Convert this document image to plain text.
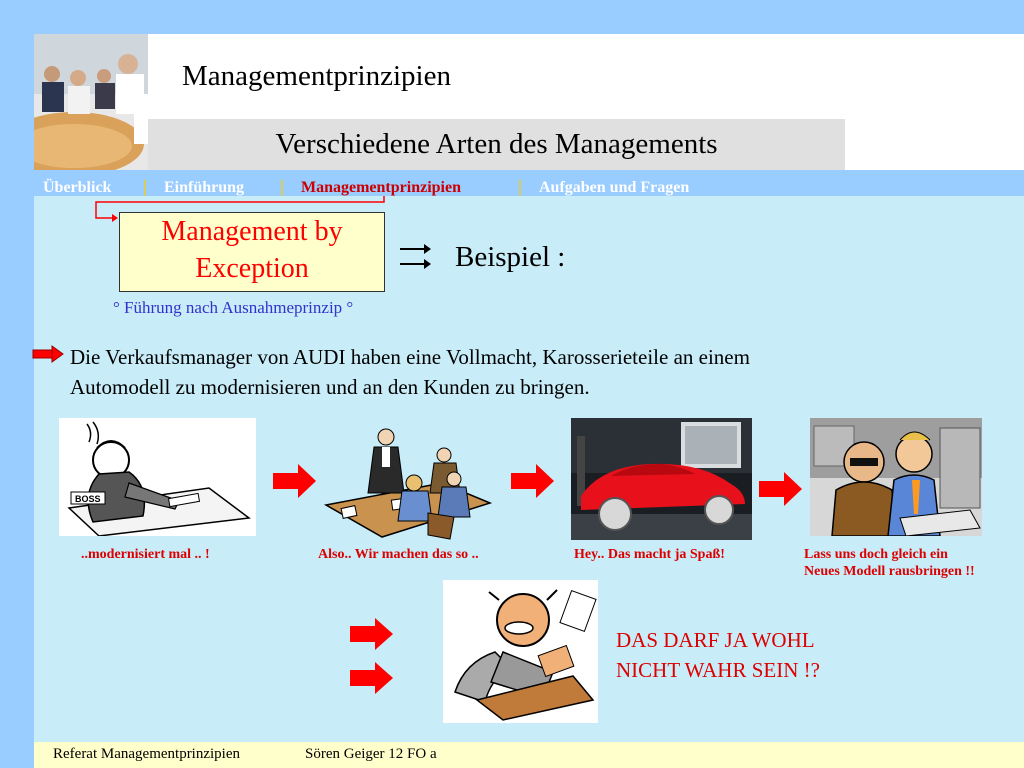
Managementprinzipien
Verschiedene Arten des Managements
Überblick | Einführung | Managementprinzipien	| Aufgaben und Fragen
Management by
Exception
° Führung nach Ausnahmeprinzip °
Beispiel :
Die Verkaufsmanager von AUDI haben eine Vollmacht, Karosserieteile an einem
Automodell zu modernisieren und an den Kunden zu bringen.
BOSS
..modernisiert mal .. !	Also.. Wir machen das so ..	Hey.. Das macht ja Spaß!	Lass uns doch gleich ein
Neues Modell rausbringen !!
DAS DARF JA WOHL
NICHT WAHR SEIN !?
Referat Managementprinzipien	Sören Geiger 12 FO a
